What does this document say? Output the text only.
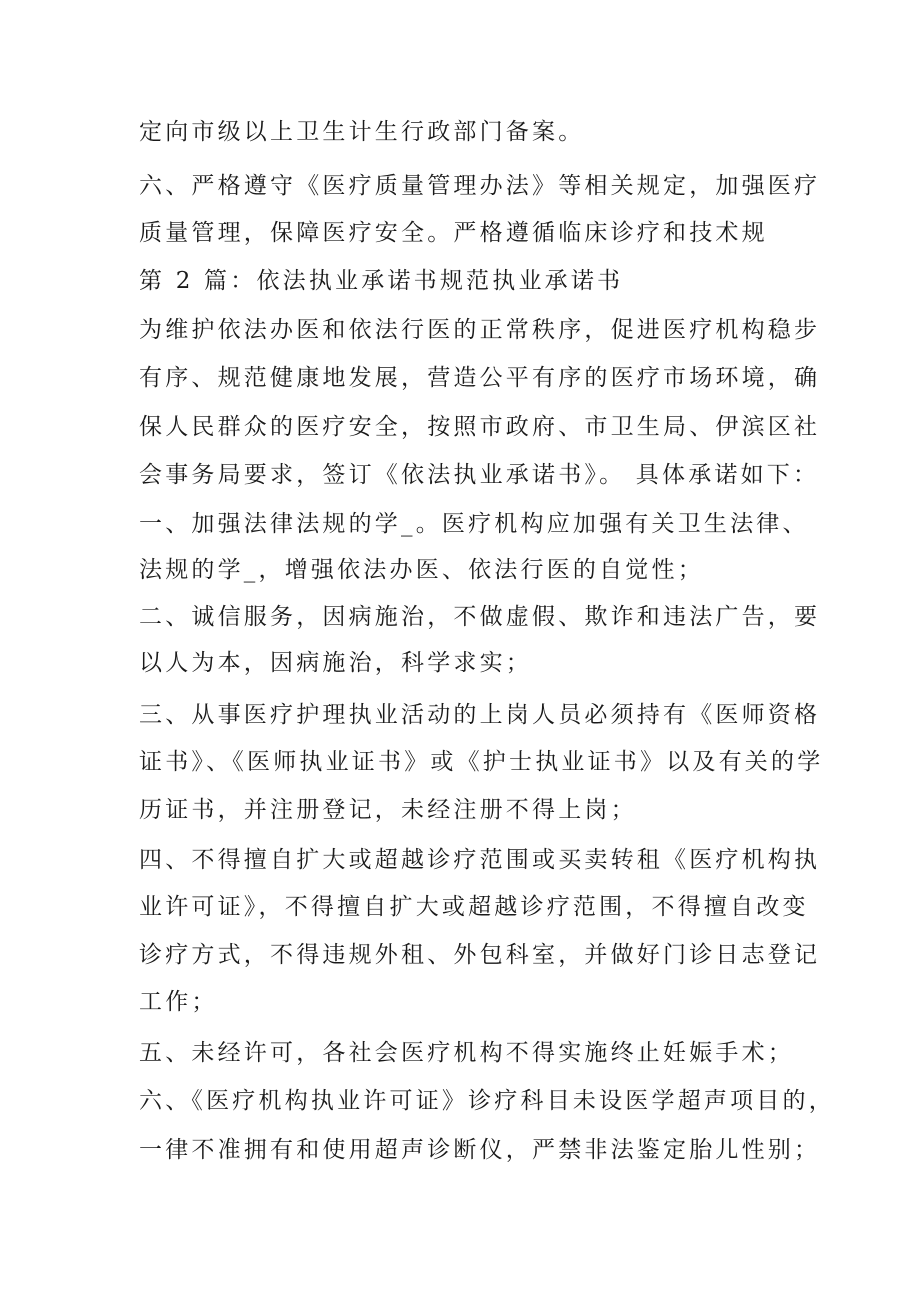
定向市级以上卫生计生行政部门备案。

六、严格遵守《医疗质量管理办法》等相关规定，加强医疗

质量管理，保障医疗安全。严格遵循临床诊疗和技术规

第 2 篇：依法执业承诺书规范执业承诺书

为维护依法办医和依法行医的正常秩序，促进医疗机构稳步

有序、规范健康地发展，营造公平有序的医疗市场环境，确

保人民群众的医疗安全，按照市政府、市卫生局、伊滨区社

会事务局要求，签订《依法执业承诺书》。 具体承诺如下：

一、加强法律法规的学_。医疗机构应加强有关卫生法律、

法规的学_，增强依法办医、依法行医的自觉性；

二、诚信服务，因病施治，不做虚假、欺诈和违法广告，要

以人为本，因病施治，科学求实；

三、从事医疗护理执业活动的上岗人员必须持有《医师资格

证书》、《医师执业证书》或《护士执业证书》以及有关的学

历证书，并注册登记，未经注册不得上岗；

四、不得擅自扩大或超越诊疗范围或买卖转租《医疗机构执

业许可证》，不得擅自扩大或超越诊疗范围，不得擅自改变

诊疗方式，不得违规外租、外包科室，并做好门诊日志登记

工作；

五、未经许可，各社会医疗机构不得实施终止妊娠手术；

六、《医疗机构执业许可证》诊疗科目未设医学超声项目的，

一律不准拥有和使用超声诊断仪，严禁非法鉴定胎儿性别；
